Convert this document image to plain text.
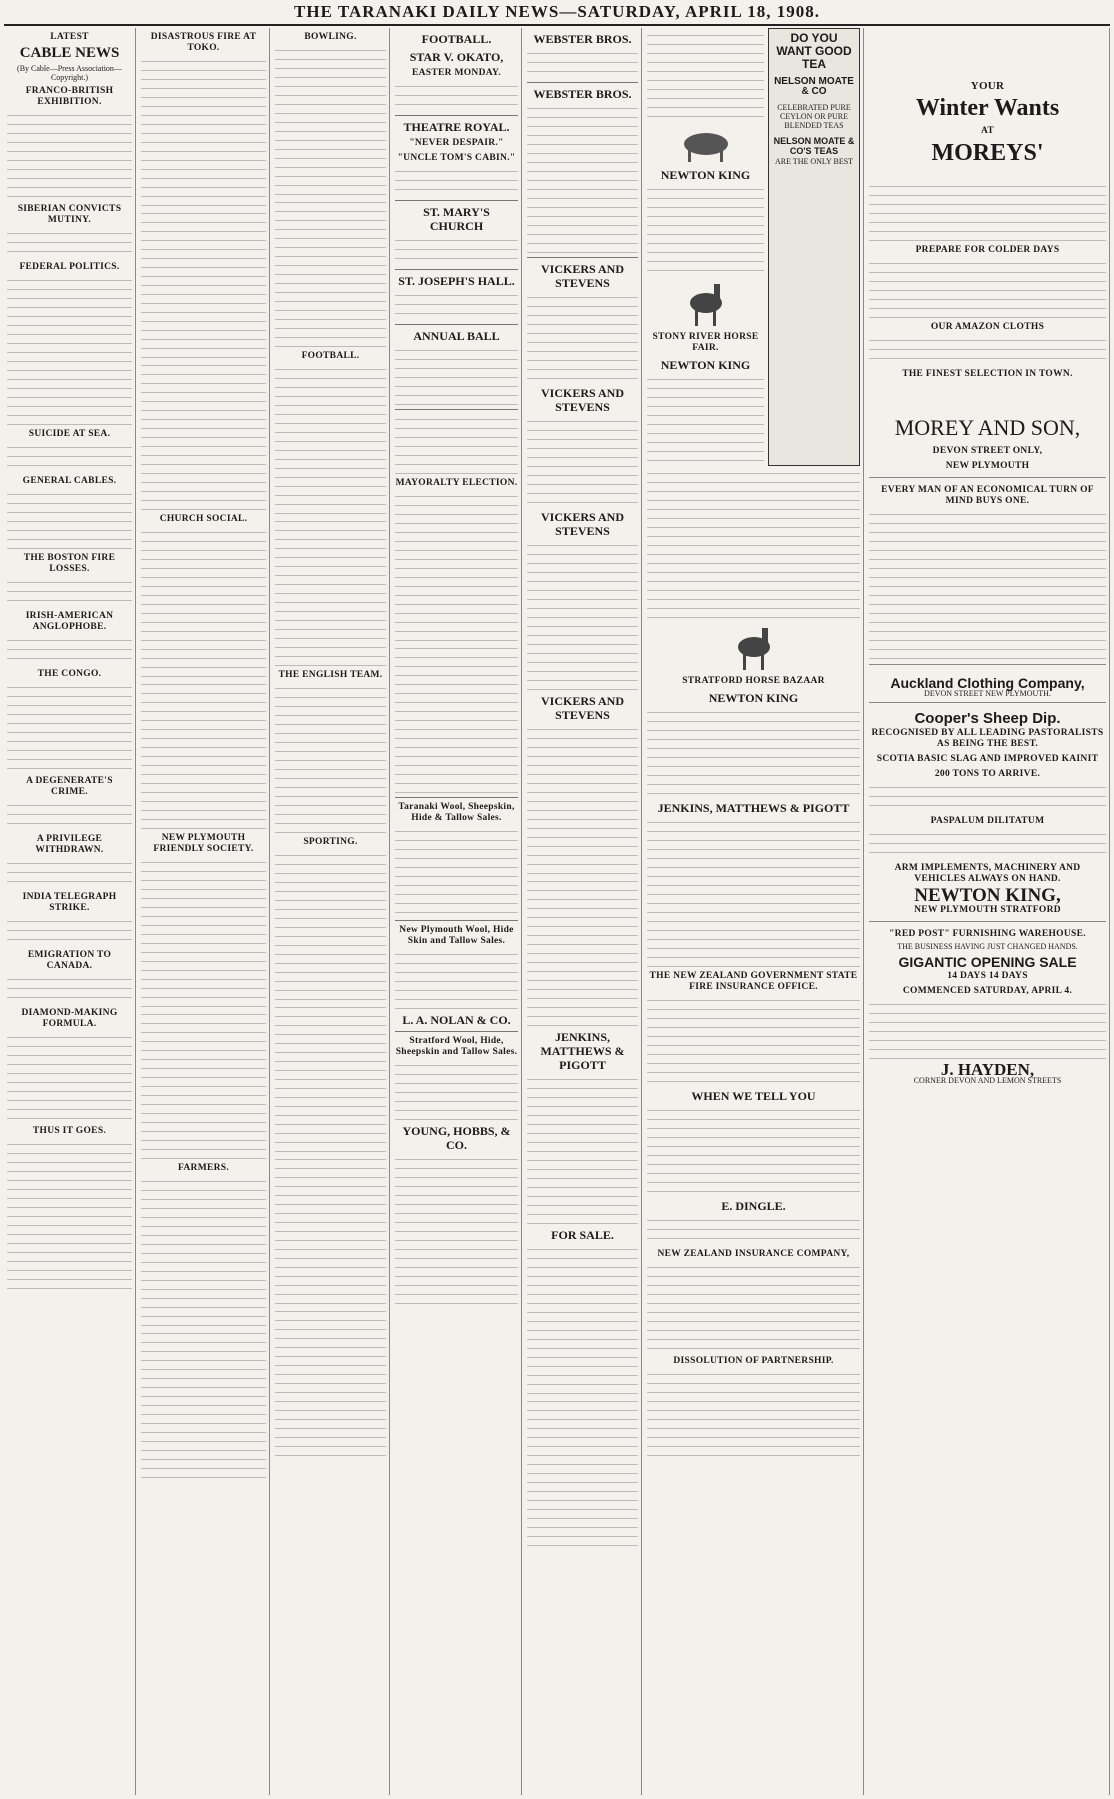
THE TARANAKI DAILY NEWS—SATURDAY, APRIL 18, 1908.
LATEST
CABLE NEWS
(By Cable—Press Association—Copyright.)
FRANCO-BRITISH EXHIBITION.
SIBERIAN CONVICTS MUTINY.
FEDERAL POLITICS.
SUICIDE AT SEA.
GENERAL CABLES.
THE BOSTON FIRE LOSSES.
IRISH-AMERICAN ANGLOPHOBE.
THE CONGO.
A DEGENERATE'S CRIME.
A PRIVILEGE WITHDRAWN.
INDIA TELEGRAPH STRIKE.
EMIGRATION TO CANADA.
DIAMOND-MAKING FORMULA.
THUS IT GOES.
DISASTROUS FIRE AT TOKO.
CHURCH SOCIAL.
NEW PLYMOUTH FRIENDLY SOCIETY.
FARMERS.
BOWLING.
FOOTBALL.
THE ENGLISH TEAM.
SPORTING.
FOOTBALL.
STAR V. OKATO,
EASTER MONDAY.
THEATRE ROYAL.
"NEVER DESPAIR."
"UNCLE TOM'S CABIN."
ST. MARY'S CHURCH
ST. JOSEPH'S HALL.
ANNUAL BALL
MAYORALTY ELECTION.
Taranaki Wool, Sheepskin, Hide & Tallow Sales.
New Plymouth Wool, Hide Skin and Tallow Sales.
L. A. NOLAN & CO.
Stratford Wool, Hide, Sheepskin and Tallow Sales.
YOUNG, HOBBS, & CO.
WEBSTER BROS.
WEBSTER BROS.
VICKERS AND STEVENS
VICKERS AND STEVENS
VICKERS AND STEVENS
VICKERS AND STEVENS
JENKINS, MATTHEWS & PIGOTT
FOR SALE.
NEWTON KING
STONY RIVER HORSE FAIR.
NEWTON KING
DO YOU WANT GOOD TEA
NELSON MOATE & CO
CELEBRATED PURE CEYLON OR PURE BLENDED TEAS
NELSON MOATE & CO'S TEAS
ARE THE ONLY BEST
STRATFORD HORSE BAZAAR
NEWTON KING
JENKINS, MATTHEWS & PIGOTT
THE NEW ZEALAND GOVERNMENT STATE FIRE INSURANCE OFFICE.
WHEN WE TELL YOU
E. DINGLE.
NEW ZEALAND INSURANCE COMPANY,
DISSOLUTION OF PARTNERSHIP.
YOUR
Winter Wants
AT
MOREYS'
PREPARE FOR COLDER DAYS
OUR AMAZON CLOTHS
THE FINEST SELECTION IN TOWN.
MOREY AND SON,
DEVON STREET ONLY,
NEW PLYMOUTH
EVERY MAN OF AN ECONOMICAL TURN OF MIND BUYS ONE.
Auckland Clothing Company,
DEVON STREET NEW PLYMOUTH.
Cooper's Sheep Dip.
RECOGNISED BY ALL LEADING PASTORALISTS AS BEING THE BEST.
SCOTIA BASIC SLAG AND IMPROVED KAINIT
200 TONS TO ARRIVE.
PASPALUM DILITATUM
ARM IMPLEMENTS, MACHINERY AND VEHICLES ALWAYS ON HAND.
NEWTON KING,
NEW PLYMOUTH STRATFORD
"RED POST" FURNISHING WAREHOUSE.
THE BUSINESS HAVING JUST CHANGED HANDS.
GIGANTIC OPENING SALE
14 DAYS 14 DAYS
COMMENCED SATURDAY, APRIL 4.
J. HAYDEN,
CORNER DEVON AND LEMON STREETS
